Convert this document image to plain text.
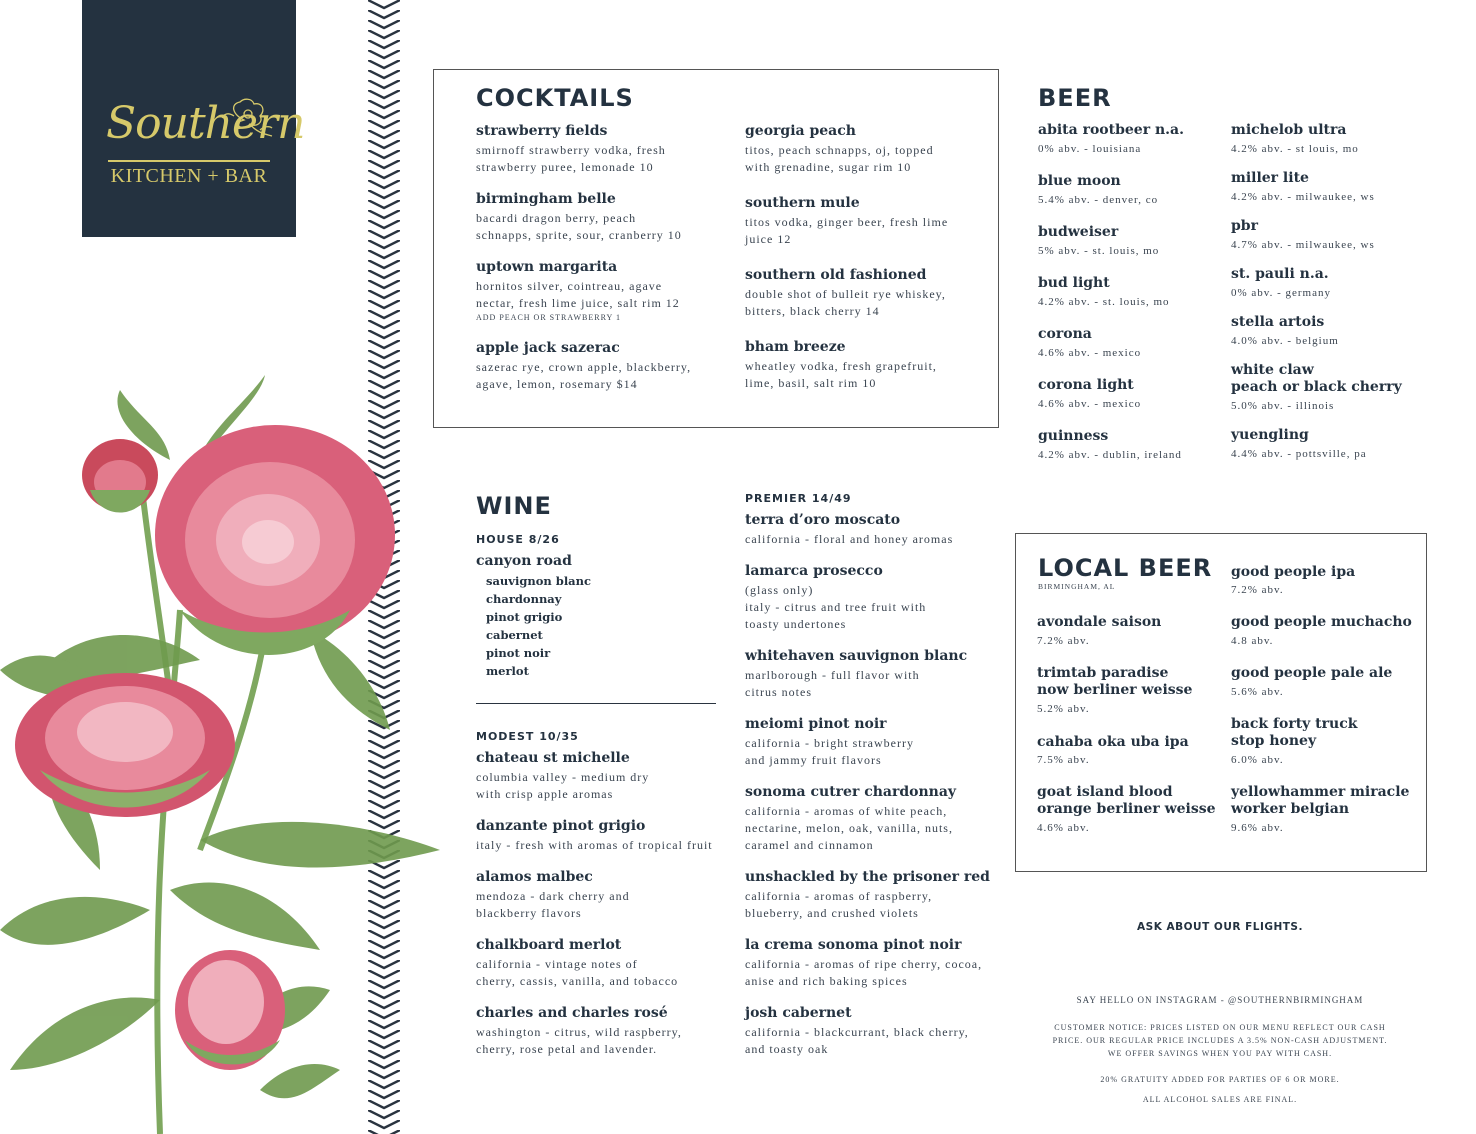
Southern
KITCHEN + BAR
COCKTAILS
strawberry fields
smirnoff strawberry vodka, fresh
strawberry puree, lemonade 10
birmingham belle
bacardi dragon berry, peach
schnapps, sprite, sour, cranberry 10
uptown margarita
hornitos silver, cointreau, agave
nectar, fresh lime juice, salt rim 12
ADD PEACH OR STRAWBERRY 1
apple jack sazerac
sazerac rye, crown apple, blackberry,
agave, lemon, rosemary $14
georgia peach
titos, peach schnapps, oj, topped
with grenadine, sugar rim 10
southern mule
titos vodka, ginger beer, fresh lime
juice 12
southern old fashioned
double shot of bulleit rye whiskey,
bitters, black cherry 14
bham breeze
wheatley vodka, fresh grapefruit,
lime, basil, salt rim 10
BEER
abita rootbeer n.a.
0% abv. - louisiana
blue moon
5.4% abv. - denver, co
budweiser
5% abv. - st. louis, mo
bud light
4.2% abv. - st. louis, mo
corona
4.6% abv. - mexico
corona light
4.6% abv. - mexico
guinness
4.2% abv. - dublin, ireland
michelob ultra
4.2% abv. - st louis, mo
miller lite
4.2% abv. - milwaukee, ws
pbr
4.7% abv. - milwaukee, ws
st. pauli n.a.
0% abv. - germany
stella artois
4.0% abv. - belgium
white claw
peach or black cherry
5.0% abv. - illinois
yuengling
4.4% abv. - pottsville, pa
WINE
HOUSE 8/26
canyon road
sauvignon blanc
chardonnay
pinot grigio
cabernet
pinot noir
merlot
MODEST 10/35
chateau st michelle
columbia valley - medium dry
with crisp apple aromas
danzante pinot grigio
italy - fresh with aromas of tropical fruit
alamos malbec
mendoza - dark cherry and
blackberry flavors
chalkboard merlot
california - vintage notes of
cherry, cassis, vanilla, and tobacco
charles and charles rosé
washington - citrus, wild raspberry,
cherry, rose petal and lavender.
PREMIER 14/49
terra d’oro moscato
california - floral and honey aromas
lamarca prosecco
(glass only)
italy - citrus and tree fruit with
toasty undertones
whitehaven sauvignon blanc
marlborough - full flavor with
citrus notes
meiomi pinot noir
california - bright strawberry
and jammy fruit flavors
sonoma cutrer chardonnay
california - aromas of white peach,
nectarine, melon, oak, vanilla, nuts,
caramel and cinnamon
unshackled by the prisoner red
california - aromas of raspberry,
blueberry, and crushed violets
la crema sonoma pinot noir
california - aromas of ripe cherry, cocoa,
anise and rich baking spices
josh cabernet
california - blackcurrant, black cherry,
and toasty oak
LOCAL BEER
BIRMINGHAM, AL
avondale saison
7.2% abv.
trimtab paradise
now berliner weisse
5.2% abv.
cahaba oka uba ipa
7.5% abv.
goat island blood
orange berliner weisse
4.6% abv.
good people ipa
7.2% abv.
good people muchacho
4.8 abv.
good people pale ale
5.6% abv.
back forty truck
stop honey
6.0% abv.
yellowhammer miracle
worker belgian
9.6% abv.
ASK ABOUT OUR FLIGHTS.
SAY HELLO ON INSTAGRAM - @SOUTHERNBIRMINGHAM
CUSTOMER NOTICE: PRICES LISTED ON OUR MENU REFLECT OUR CASH
PRICE. OUR REGULAR PRICE INCLUDES A 3.5% NON-CASH ADJUSTMENT.
WE OFFER SAVINGS WHEN YOU PAY WITH CASH.
20% GRATUITY ADDED FOR PARTIES OF 6 OR MORE.
ALL ALCOHOL SALES ARE FINAL.
